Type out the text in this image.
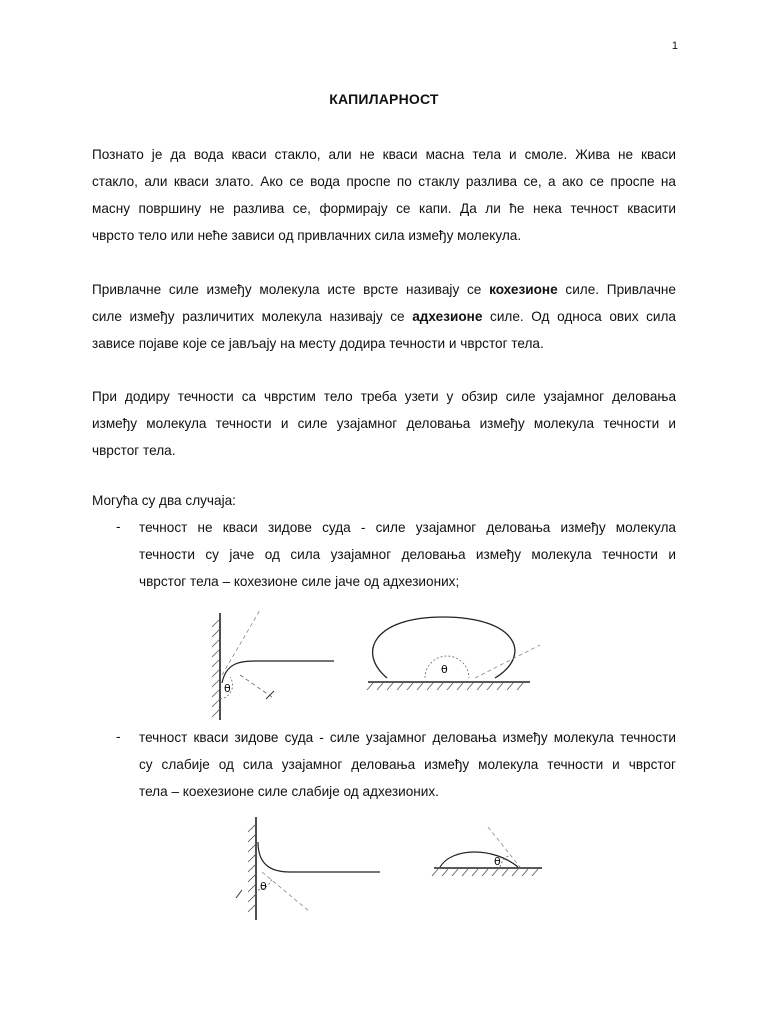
1
КАПИЛАРНОСТ
Познато је да вода кваси стакло, али не кваси масна тела и смоле. Жива не кваси
стакло, али кваси злато. Ако се вода проспе по стаклу разлива се, а ако се проспе на
масну површину не разлива се, формирају се капи. Да ли ће нека течност квасити
чврсто тело или неће зависи од привлачних сила између молекула.
Привлачне силе између молекула исте врсте називају се кохезионе силе. Привлачне
силе између различитих молекула називају се адхезионе силе. Од односа ових сила
зависе појаве које се јављају на месту додира течности и чврстог тела.
При додиру течности са чврстим тело треба узети у обзир силе узајамног деловања
између молекула течности и силе узајамног деловања између молекула течности и
чврстог тела.
Могућа су два случаја:
- течност не кваси зидове суда - силе узајамног деловања између молекула
течности су јаче од сила узајамног деловања између молекула течности и
чврстог тела – кохезионе силе јаче од адхезионих;
θ
θ
- течност кваси зидове суда - силе узајамног деловања између молекула течности
су слабије од сила узајамног деловања између молекула течности и чврстог
тела – коехезионе силе слабије од адхезионих.
θ
θ
